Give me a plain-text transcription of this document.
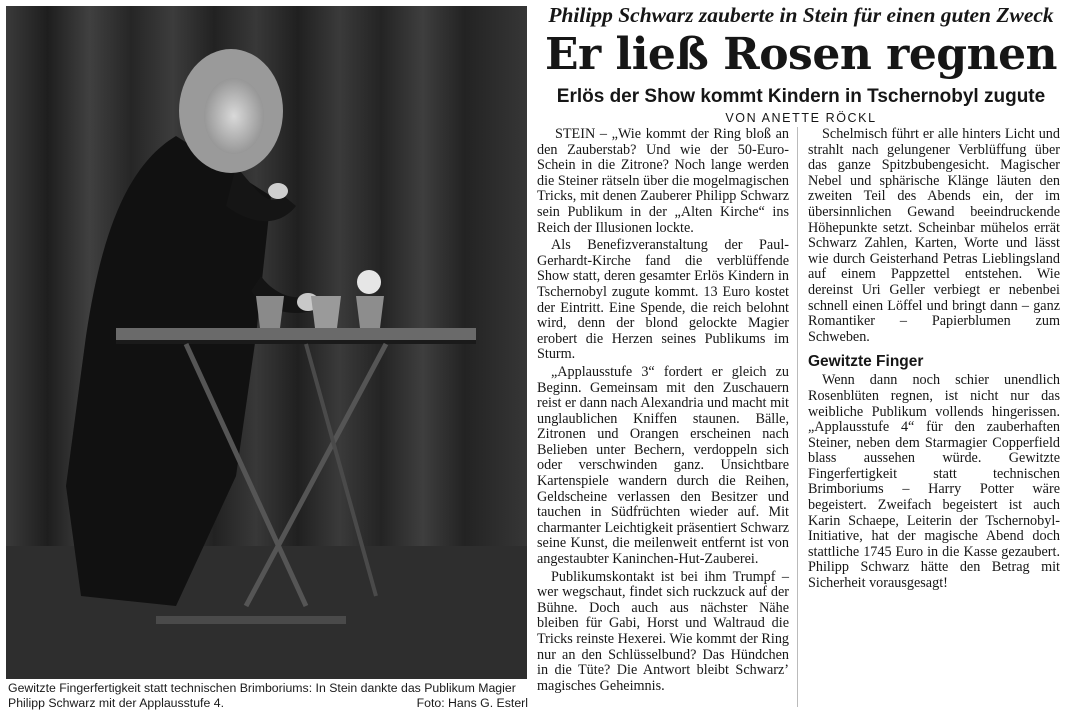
Gewitzte Fingerfertigkeit statt technischen Brimboriums: In Stein dankte das Publikum Magier Philipp Schwarz mit der Applausstufe 4.	Foto: Hans G. Esterl
Philipp Schwarz zauberte in Stein für einen guten Zweck
Er ließ Rosen regnen
Erlös der Show kommt Kindern in Tschernobyl zugute
VON ANETTE RÖCKL

STEIN – „Wie kommt der Ring bloß an den Zauberstab? Und wie der 50-Euro-Schein in die Zitrone? Noch lange werden die Steiner rätseln über die mogelmagischen Tricks, mit denen Zauberer Philipp Schwarz sein Publikum in der „Alten Kirche“ ins Reich der Illusionen lockte.

Als Benefizveranstaltung der Paul-Gerhardt-Kirche fand die verblüffende Show statt, deren gesamter Erlös Kindern in Tschernobyl zugute kommt. 13 Euro kostet der Eintritt. Eine Spende, die reich belohnt wird, denn der blond gelockte Magier erobert die Herzen seines Publikums im Sturm.

„Applausstufe 3“ fordert er gleich zu Beginn. Gemeinsam mit den Zuschauern reist er dann nach Alexandria und macht mit unglaublichen Kniffen staunen. Bälle, Zitronen und Orangen erscheinen nach Belieben unter Bechern, verdoppeln sich oder verschwinden ganz. Unsichtbare Kartenspiele wandern durch die Reihen, Geldscheine verlassen den Besitzer und tauchen in Südfrüchten wieder auf. Mit charmanter Leichtigkeit präsentiert Schwarz seine Kunst, die meilenweit entfernt ist von angestaubter Kaninchen-Hut-Zauberei.

Publikumskontakt ist bei ihm Trumpf – wer wegschaut, findet sich ruckzuck auf der Bühne. Doch auch aus nächster Nähe bleiben für Gabi, Horst und Waltraud die Tricks reinste Hexerei. Wie kommt der Ring nur an den Schlüsselbund? Das Hündchen in die Tüte? Die Antwort bleibt Schwarz’ magisches Geheimnis.

Schelmisch führt er alle hinters Licht und strahlt nach gelungener Verblüffung über das ganze Spitzbubengesicht. Magischer Nebel und sphärische Klänge läuten den zweiten Teil des Abends ein, der im übersinnlichen Gewand beeindruckende Höhepunkte setzt. Scheinbar mühelos errät Schwarz Zahlen, Karten, Worte und lässt wie durch Geisterhand Petras Lieblingsland auf einem Pappzettel entstehen. Wie dereinst Uri Geller verbiegt er nebenbei schnell einen Löffel und bringt dann – ganz Romantiker – Papierblumen zum Schweben.

Gewitzte Finger

Wenn dann noch schier unendlich Rosenblüten regnen, ist nicht nur das weibliche Publikum vollends hingerissen. „Applausstufe 4“ für den zauberhaften Steiner, neben dem Starmagier Copperfield blass aussehen würde. Gewitzte Fingerfertigkeit statt technischen Brimboriums – Harry Potter wäre begeistert. Zweifach begeistert ist auch Karin Schaepe, Leiterin der Tschernobyl-Initiative, hat der magische Abend doch stattliche 1745 Euro in die Kasse gezaubert. Philipp Schwarz hätte den Betrag mit Sicherheit vorausgesagt!
